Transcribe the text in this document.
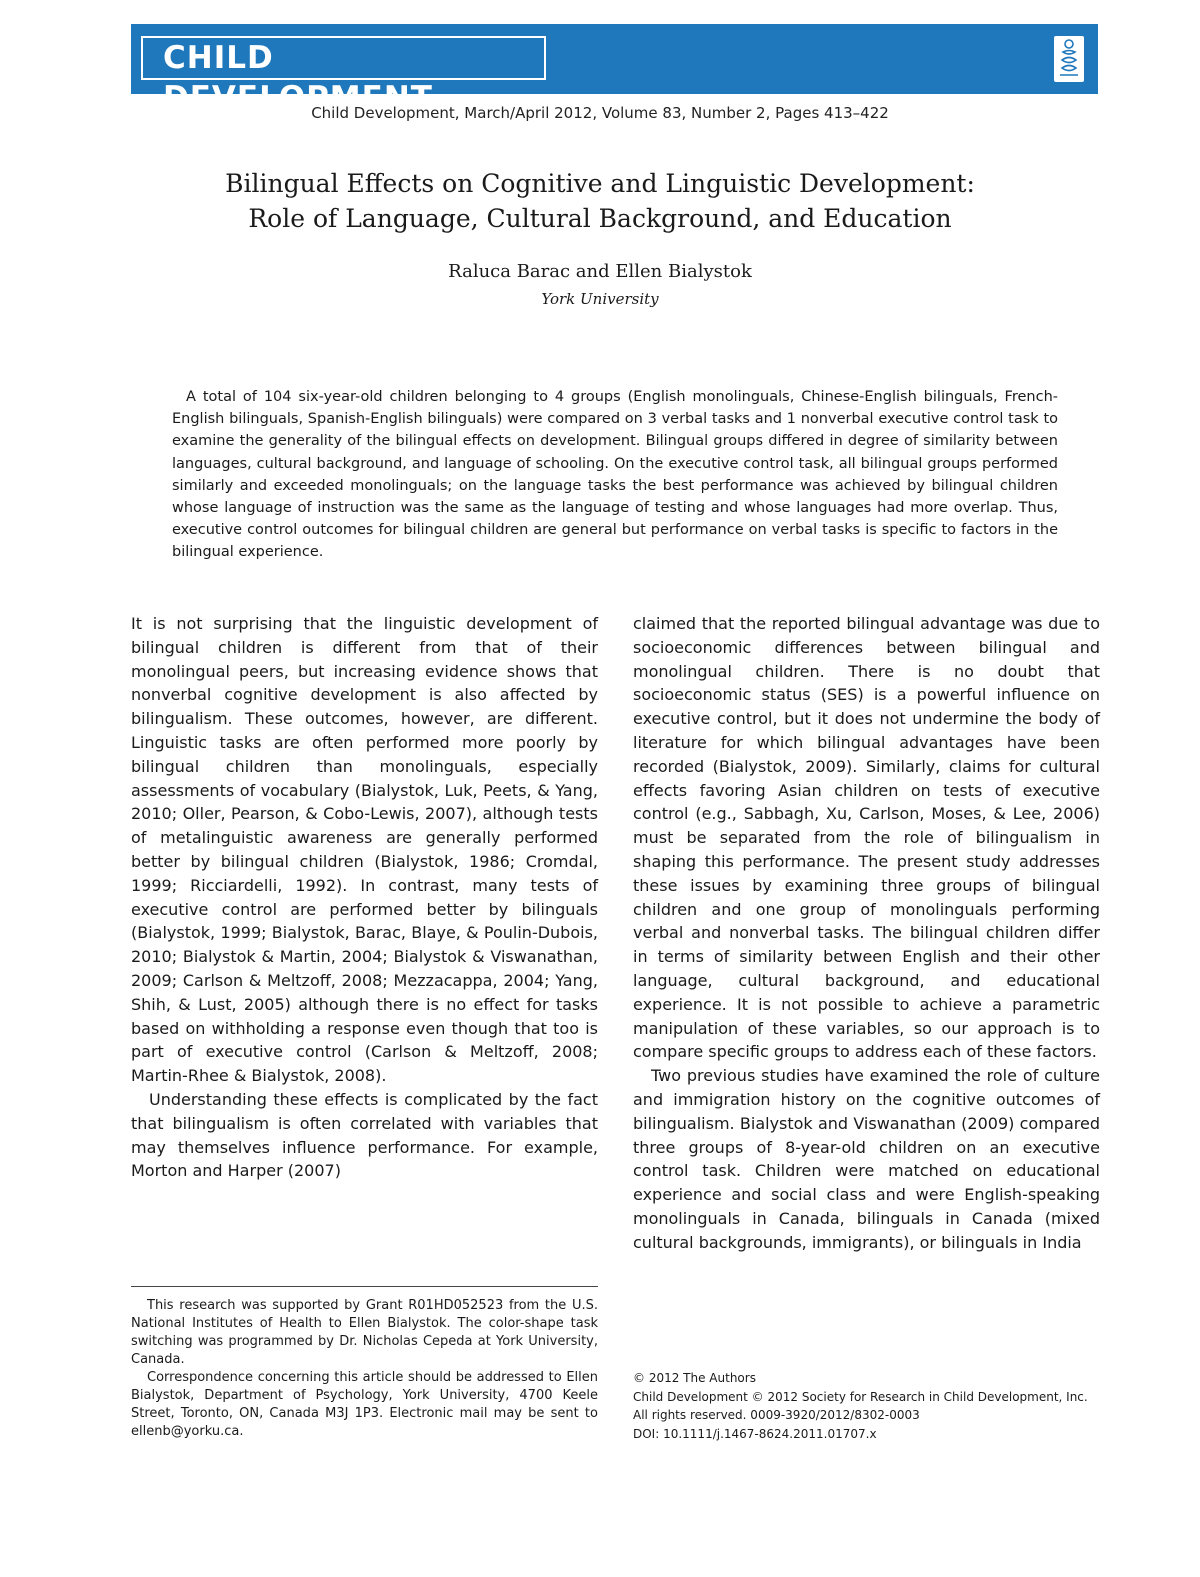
CHILD DEVELOPMENT
Child Development, March/April 2012, Volume 83, Number 2, Pages 413–422
Bilingual Effects on Cognitive and Linguistic Development:
Role of Language, Cultural Background, and Education
Raluca Barac and Ellen Bialystok
York University

A total of 104 six-year-old children belonging to 4 groups (English monolinguals, Chinese-English bilinguals, French-English bilinguals, Spanish-English bilinguals) were compared on 3 verbal tasks and 1 nonverbal executive control task to examine the generality of the bilingual effects on development. Bilingual groups differed in degree of similarity between languages, cultural background, and language of schooling. On the executive control task, all bilingual groups performed similarly and exceeded monolinguals; on the language tasks the best performance was achieved by bilingual children whose language of instruction was the same as the language of testing and whose languages had more overlap. Thus, executive control outcomes for bilingual children are general but performance on verbal tasks is specific to factors in the bilingual experience.

It is not surprising that the linguistic development of bilingual children is different from that of their monolingual peers, but increasing evidence shows that nonverbal cognitive development is also affected by bilingualism. These outcomes, however, are different. Linguistic tasks are often performed more poorly by bilingual children than monolinguals, especially assessments of vocabulary (Bialystok, Luk, Peets, & Yang, 2010; Oller, Pearson, & Cobo-Lewis, 2007), although tests of metalinguistic awareness are generally performed better by bilingual children (Bialystok, 1986; Cromdal, 1999; Ricciardelli, 1992). In contrast, many tests of executive control are performed better by bilinguals (Bialystok, 1999; Bialystok, Barac, Blaye, & Poulin-Dubois, 2010; Bialystok & Martin, 2004; Bialystok & Viswanathan, 2009; Carlson & Meltzoff, 2008; Mezzacappa, 2004; Yang, Shih, & Lust, 2005) although there is no effect for tasks based on withholding a response even though that too is part of executive control (Carlson & Meltzoff, 2008; Martin-Rhee & Bialystok, 2008).

Understanding these effects is complicated by the fact that bilingualism is often correlated with variables that may themselves influence performance. For example, Morton and Harper (2007)

claimed that the reported bilingual advantage was due to socioeconomic differences between bilingual and monolingual children. There is no doubt that socioeconomic status (SES) is a powerful influence on executive control, but it does not undermine the body of literature for which bilingual advantages have been recorded (Bialystok, 2009). Similarly, claims for cultural effects favoring Asian children on tests of executive control (e.g., Sabbagh, Xu, Carlson, Moses, & Lee, 2006) must be separated from the role of bilingualism in shaping this performance. The present study addresses these issues by examining three groups of bilingual children and one group of monolinguals performing verbal and nonverbal tasks. The bilingual children differ in terms of similarity between English and their other language, cultural background, and educational experience. It is not possible to achieve a parametric manipulation of these variables, so our approach is to compare specific groups to address each of these factors.

Two previous studies have examined the role of culture and immigration history on the cognitive outcomes of bilingualism. Bialystok and Viswanathan (2009) compared three groups of 8-year-old children on an executive control task. Children were matched on educational experience and social class and were English-speaking monolinguals in Canada, bilinguals in Canada (mixed cultural backgrounds, immigrants), or bilinguals in India

This research was supported by Grant R01HD052523 from the U.S. National Institutes of Health to Ellen Bialystok. The color-shape task switching was programmed by Dr. Nicholas Cepeda at York University, Canada.

Correspondence concerning this article should be addressed to Ellen Bialystok, Department of Psychology, York University, 4700 Keele Street, Toronto, ON, Canada M3J 1P3. Electronic mail may be sent to ellenb@yorku.ca.

© 2012 The Authors
Child Development © 2012 Society for Research in Child Development, Inc.
All rights reserved. 0009-3920/2012/8302-0003
DOI: 10.1111/j.1467-8624.2011.01707.x
